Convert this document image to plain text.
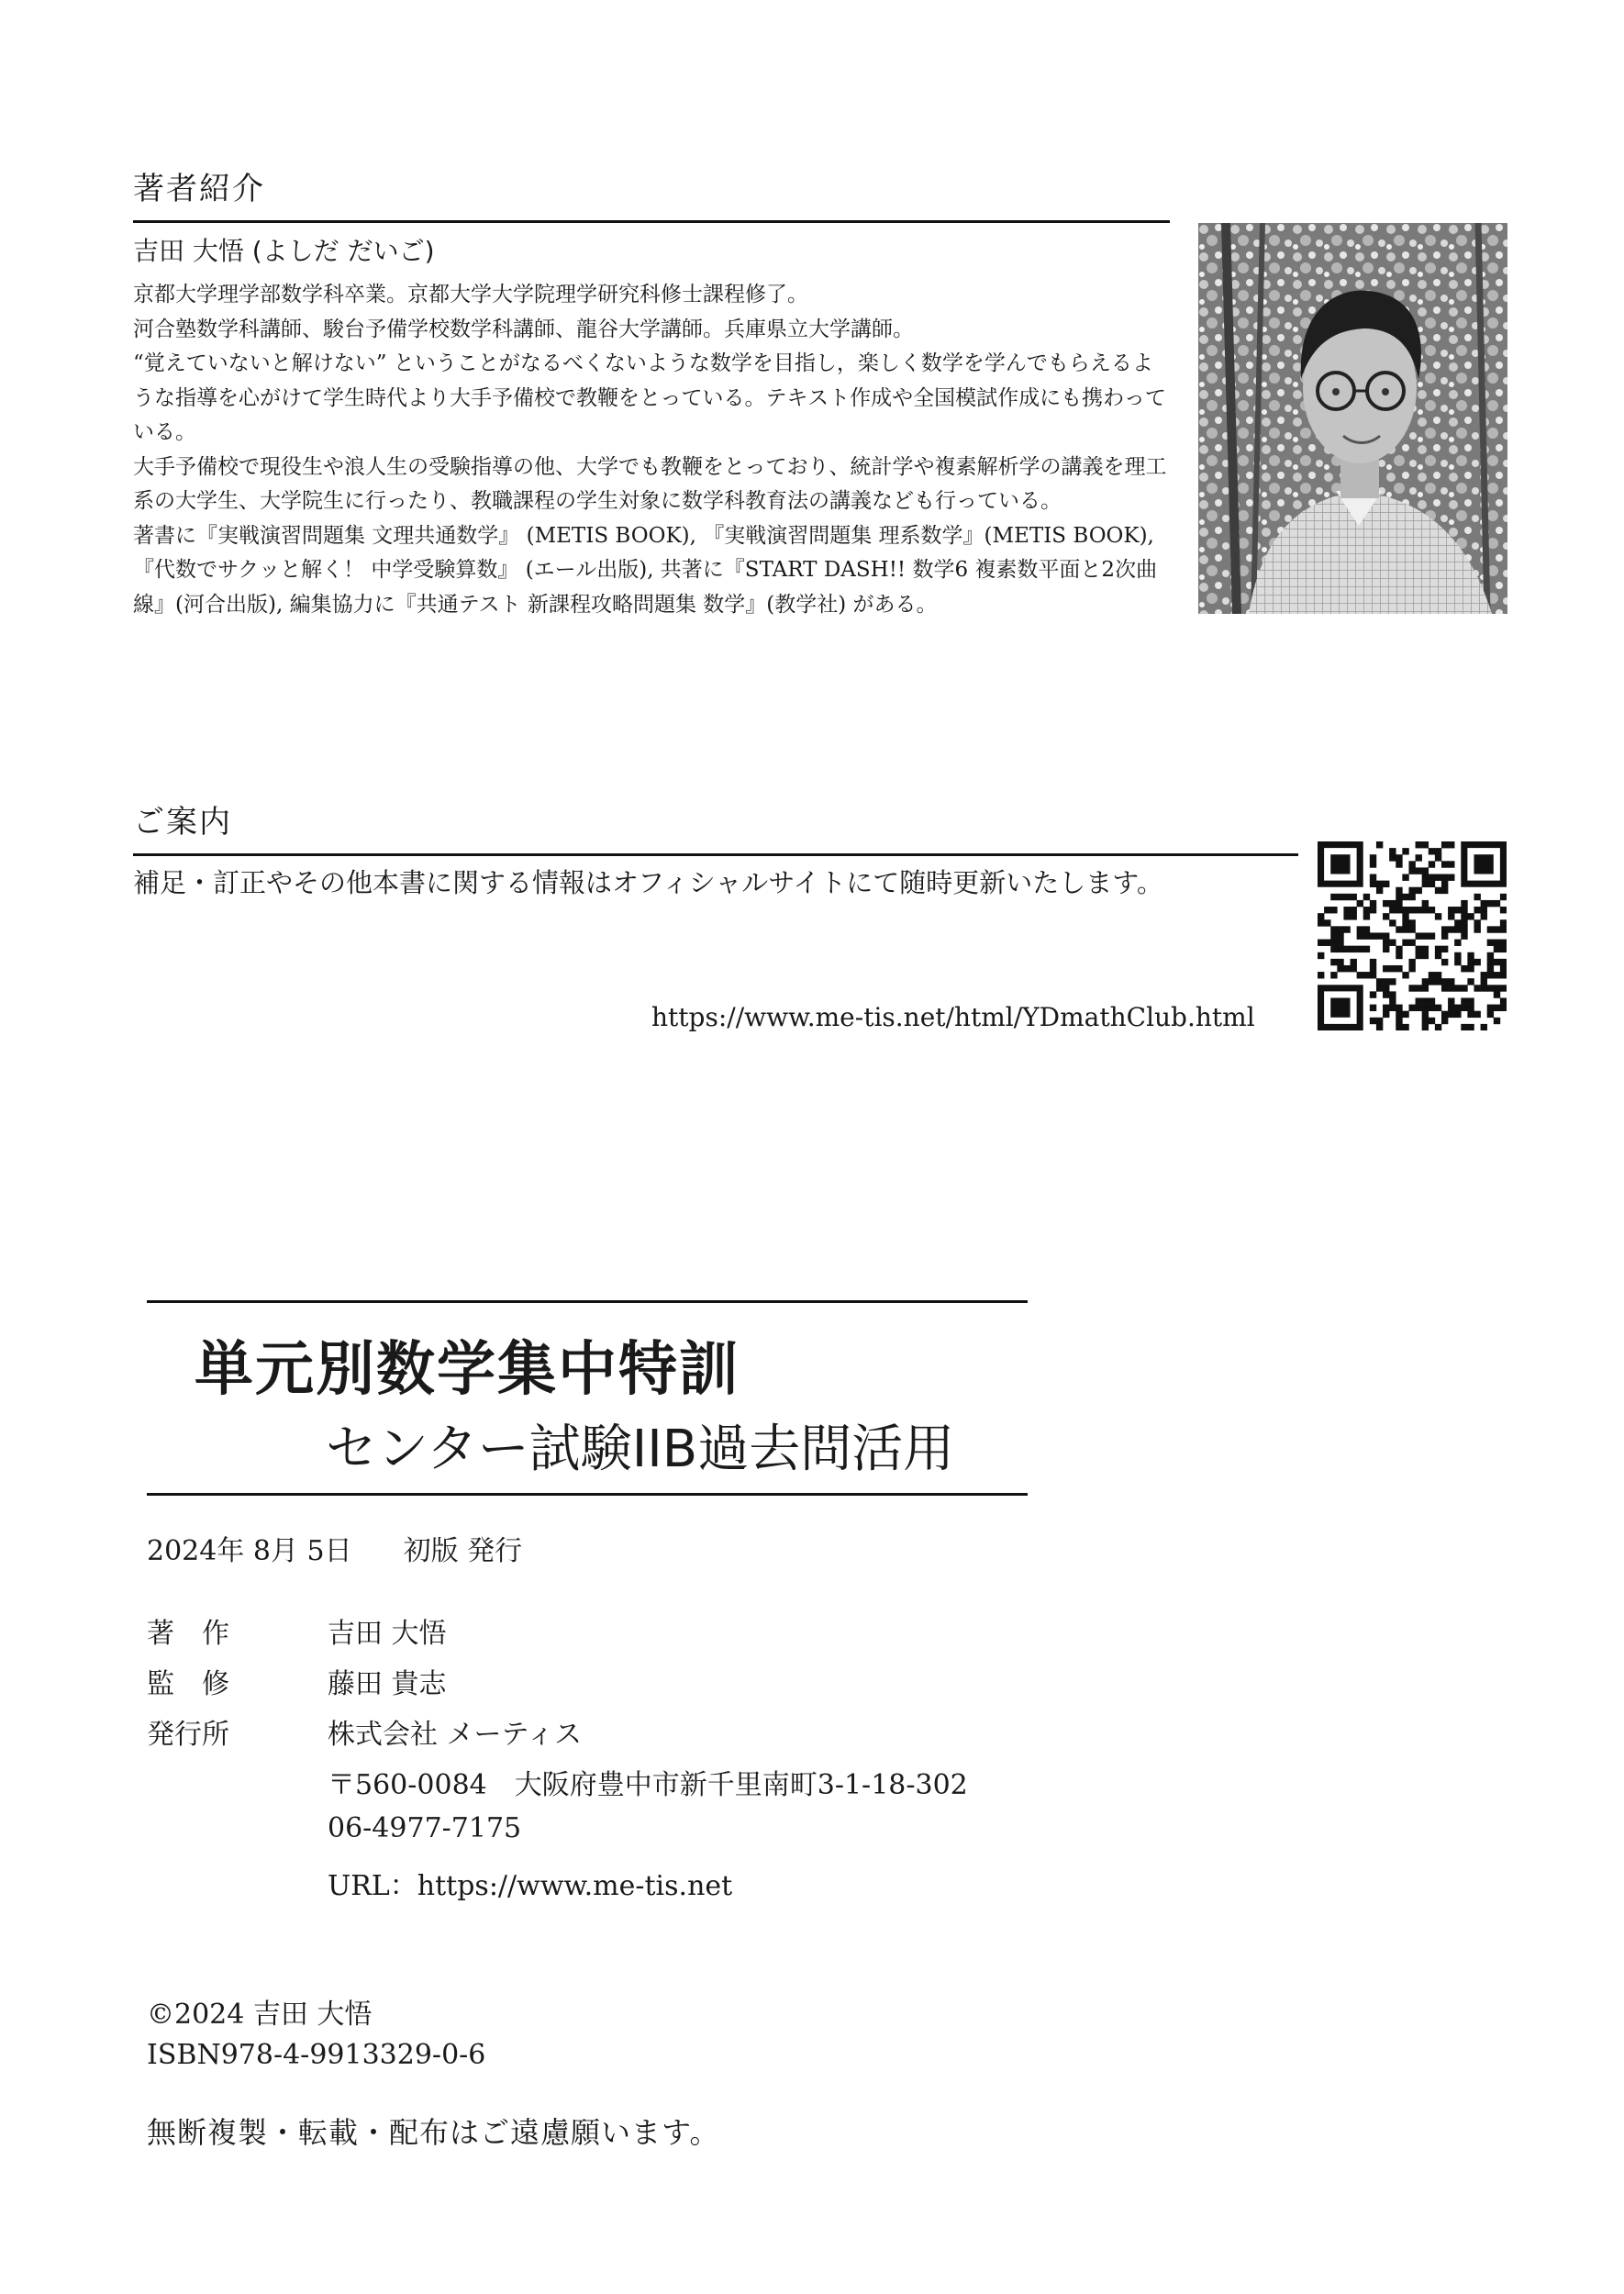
著者紹介
吉田 大悟 (よしだ だいご)

京都大学理学部数学科卒業。京都大学大学院理学研究科修士課程修了。

河合塾数学科講師、駿台予備学校数学科講師、龍谷大学講師。兵庫県立大学講師。

“覚えていないと解けない” ということがなるべくないような数学を目指し，楽しく数学を学んでもらえるような指導を心がけて学生時代より大手予備校で教鞭をとっている。テキスト作成や全国模試作成にも携わっている。

大手予備校で現役生や浪人生の受験指導の他、大学でも教鞭をとっており、統計学や複素解析学の講義を理工系の大学生、大学院生に行ったり、教職課程の学生対象に数学科教育法の講義なども行っている。

著書に『実戦演習問題集 文理共通数学』 (METIS BOOK), 『実戦演習問題集 理系数学』(METIS BOOK), 『代数でサクッと解く！ 中学受験算数』 (エール出版), 共著に『START DASH!! 数学6 複素数平面と2次曲線』(河合出版), 編集協力に『共通テスト 新課程攻略問題集 数学』(教学社) がある。

ご案内
補足・訂正やその他本書に関する情報はオフィシャルサイトにて随時更新いたします。
https://www.me-tis.net/html/YDmathClub.html
単元別数学集中特訓
センター試験IIB過去問活用
2024年 8月 5日 初版 発行
著　作	吉田 大悟
監　修	藤田 貴志
発行所	株式会社 メーティス
〒560-0084　大阪府豊中市新千里南町3-1-18-302
06-4977-7175
URL：https://www.me-tis.net
©2024 吉田 大悟
ISBN978-4-9913329-0-6
無断複製・転載・配布はご遠慮願います。
